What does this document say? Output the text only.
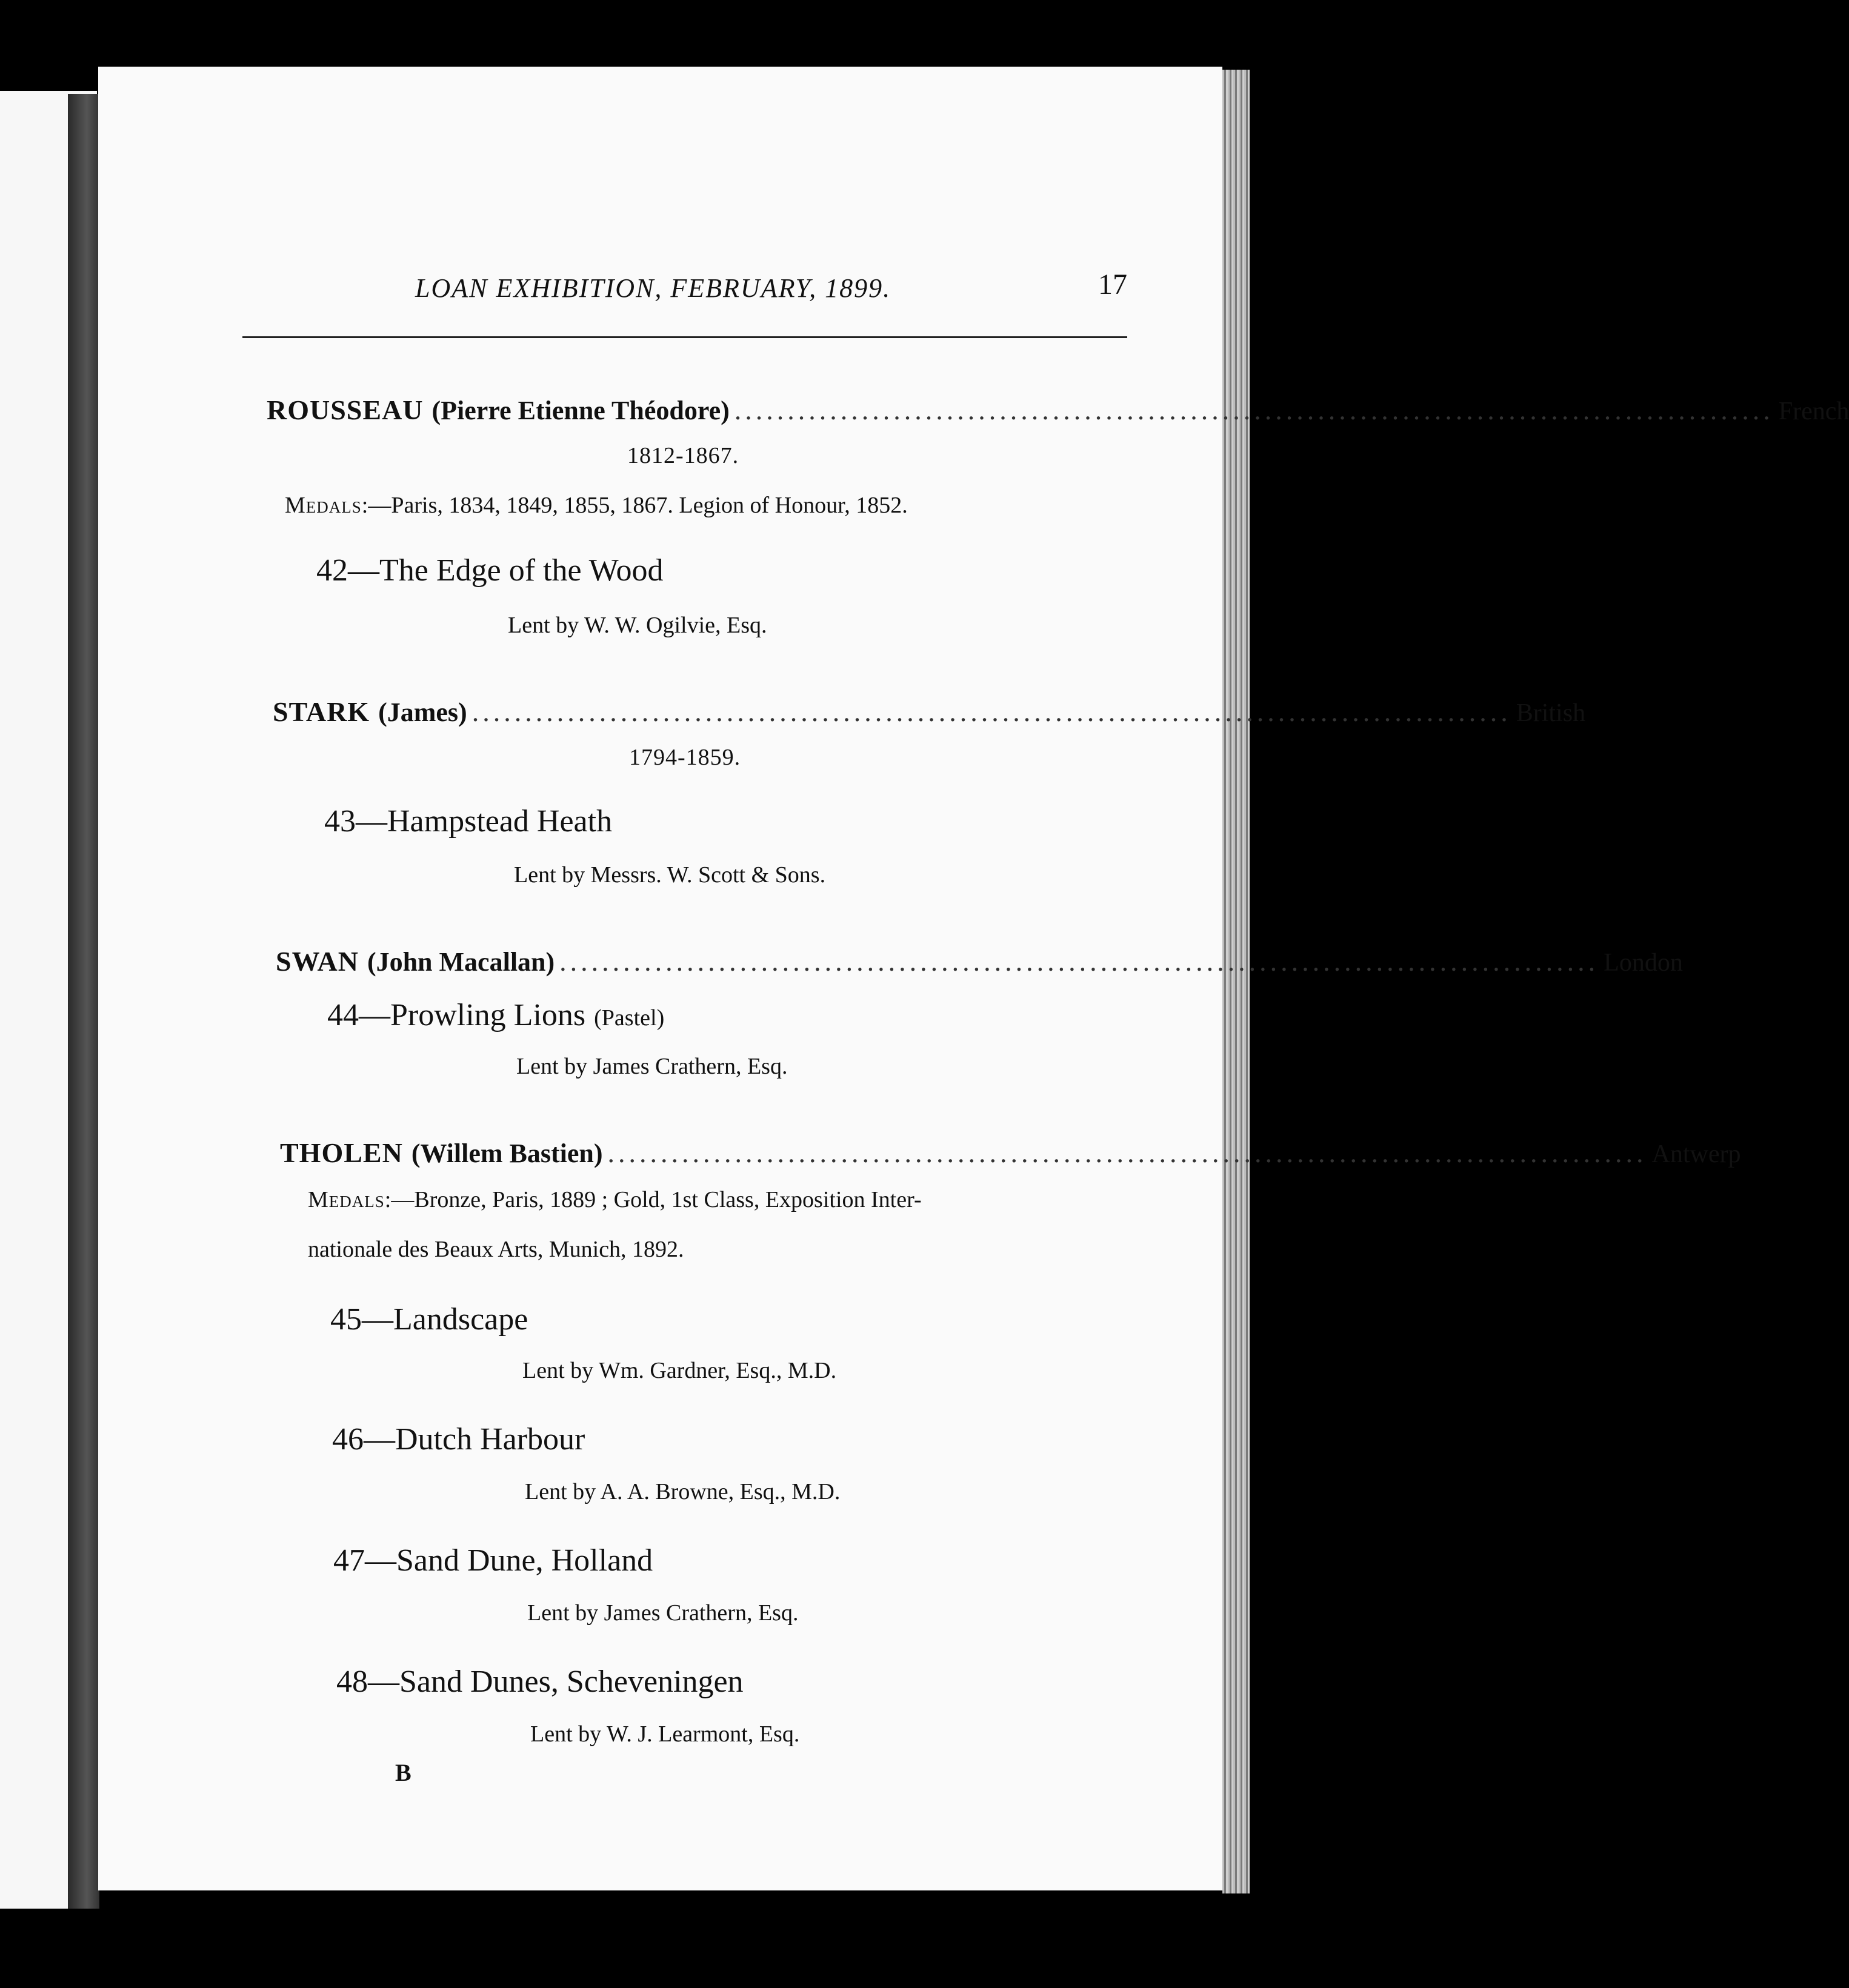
LOAN EXHIBITION, FEBRUARY, 1899.	17
ROUSSEAU (Pierre Etienne Théodore) .................................................................................................. French
1812-1867.
Medals:—Paris, 1834, 1849, 1855, 1867. Legion of Honour, 1852.
42—The Edge of the Wood
Lent by W. W. Ogilvie, Esq.
STARK (James) .................................................................................................. British
1794-1859.
43—Hampstead Heath
Lent by Messrs. W. Scott & Sons.
SWAN (John Macallan) .................................................................................................. London
44—Prowling Lions (Pastel)
Lent by James Crathern, Esq.
THOLEN (Willem Bastien) .................................................................................................. Antwerp
Medals:—Bronze, Paris, 1889 ; Gold, 1st Class, Exposition Inter-
nationale des Beaux Arts, Munich, 1892.
45—Landscape
Lent by Wm. Gardner, Esq., M.D.
46—Dutch Harbour
Lent by A. A. Browne, Esq., M.D.
47—Sand Dune, Holland
Lent by James Crathern, Esq.
48—Sand Dunes, Scheveningen
Lent by W. J. Learmont, Esq.
B
